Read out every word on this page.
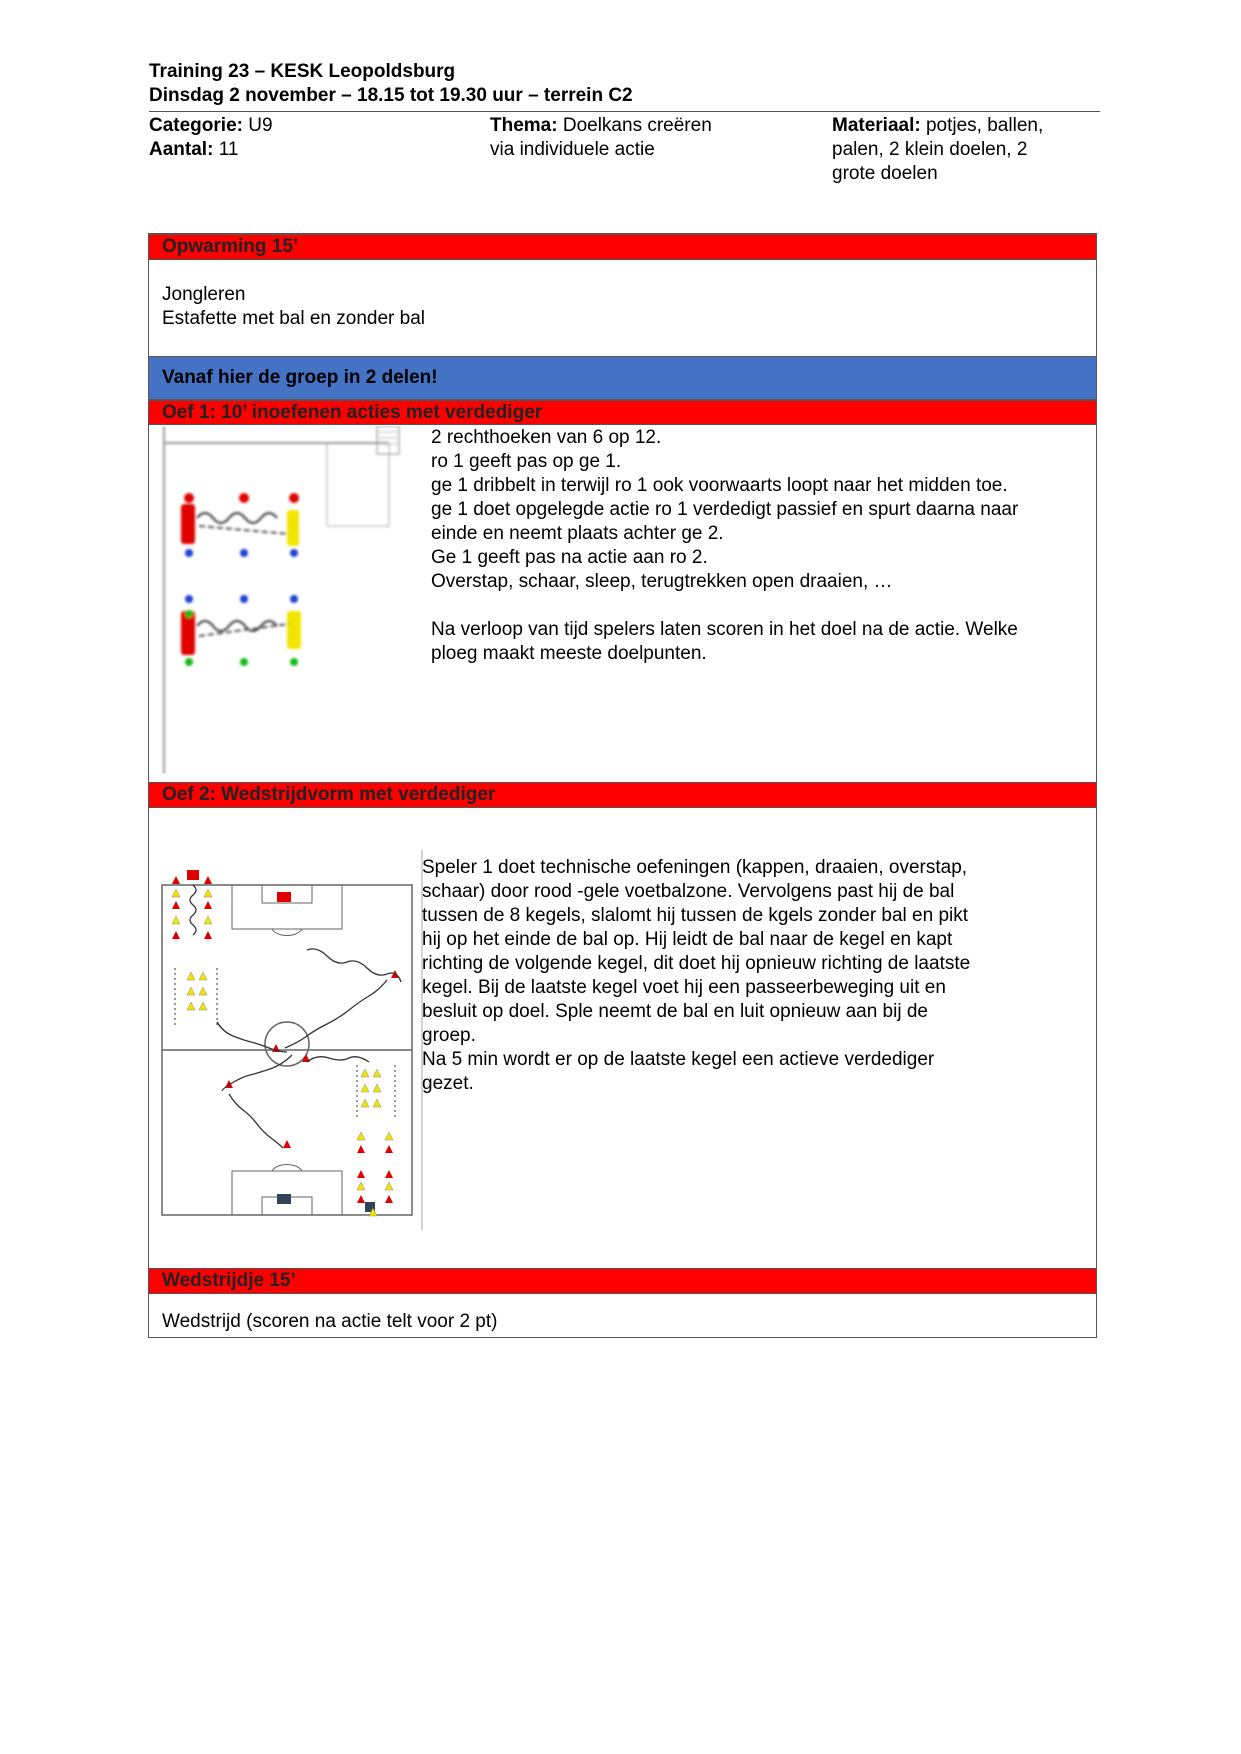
Training 23 – KESK Leopoldsburg
Dinsdag 2 november – 18.15 tot 19.30 uur – terrein C2
Categorie: U9
Aantal: 11
Thema: Doelkans creëren
via individuele actie
Materiaal: potjes, ballen,
palen, 2 klein doelen, 2
grote doelen
Opwarming 15’
Jongleren
Estafette met bal en zonder bal
Vanaf hier de groep in 2 delen!
Oef 1: 10’ inoefenen acties met verdediger
2 rechthoeken van 6 op 12.
ro 1 geeft pas op ge 1.
ge 1 dribbelt in terwijl ro 1 ook voorwaarts loopt naar het midden toe.
ge 1 doet opgelegde actie ro 1 verdedigt passief en spurt daarna naar
einde en neemt plaats achter ge 2.
Ge 1 geeft pas na actie aan ro 2.
Overstap, schaar, sleep, terugtrekken open draaien, …
Na verloop van tijd spelers laten scoren in het doel na de actie. Welke
ploeg maakt meeste doelpunten.
Oef 2: Wedstrijdvorm met verdediger
Speler 1 doet technische oefeningen (kappen, draaien, overstap,
schaar) door rood -gele voetbalzone. Vervolgens past hij de bal
tussen de 8 kegels, slalomt hij tussen de kgels zonder bal en pikt
hij op het einde de bal op. Hij leidt de bal naar de kegel en kapt
richting de volgende kegel, dit doet hij opnieuw richting de laatste
kegel. Bij de laatste kegel voet hij een passeerbeweging uit en
besluit op doel. Sple neemt de bal en luit opnieuw aan bij de
groep.
Na 5 min wordt er op de laatste kegel een actieve verdediger
gezet.
Wedstrijdje 15’
Wedstrijd (scoren na actie telt voor 2 pt)
